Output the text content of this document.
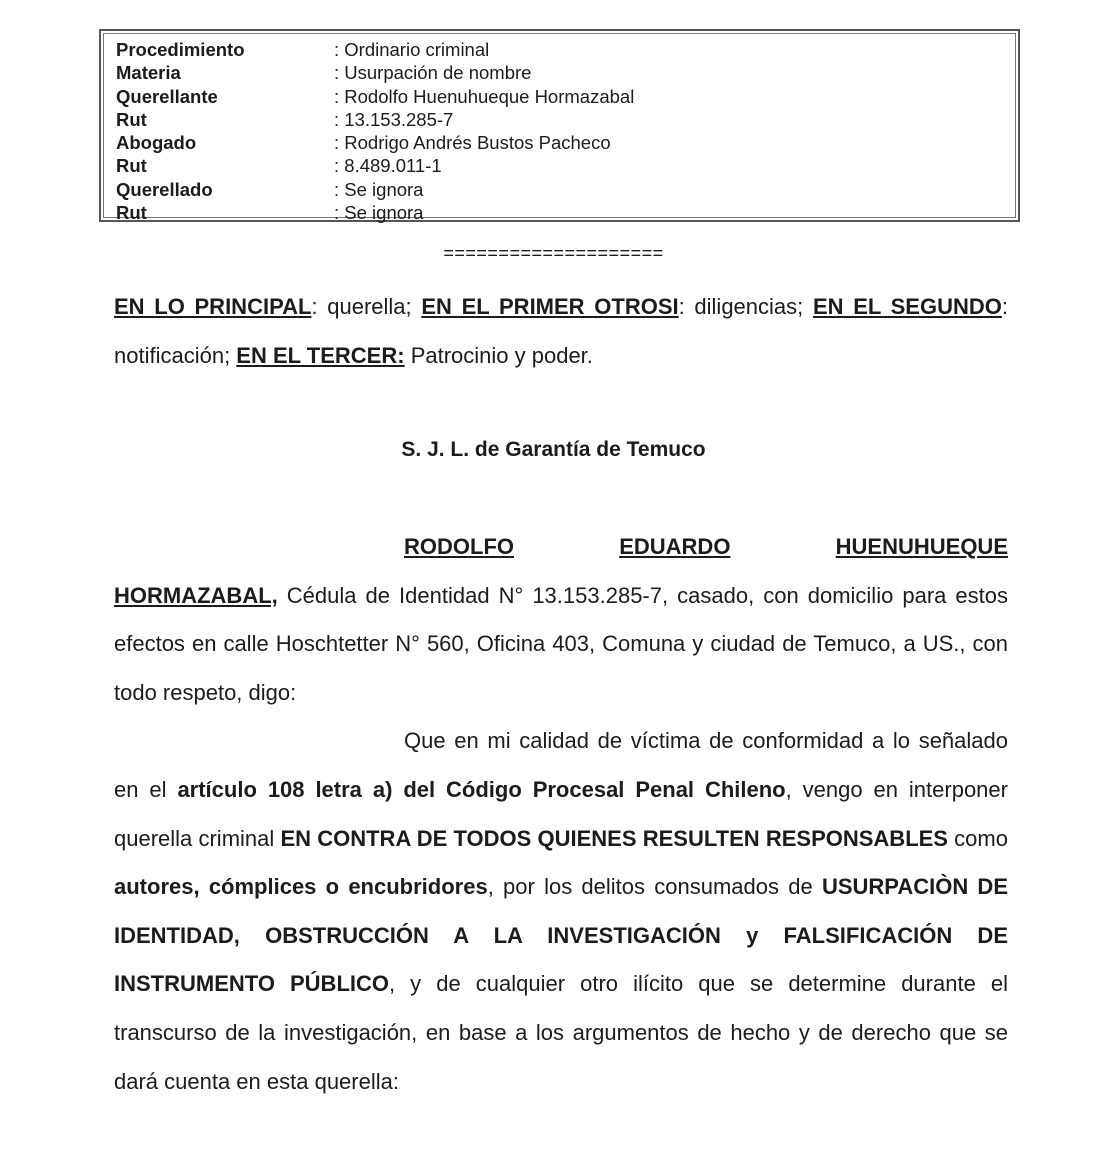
Procedimiento	: Ordinario criminal
Materia	: Usurpación de nombre
Querellante	: Rodolfo Huenuhueque Hormazabal
Rut	: 13.153.285-7
Abogado	: Rodrigo Andrés Bustos Pacheco
Rut	: 8.489.011-1
Querellado	: Se ignora
Rut	: Se ignora
====================

EN LO PRINCIPAL: querella; EN EL PRIMER OTROSI: diligencias; EN EL SEGUNDO: notificación; EN EL TERCER: Patrocinio y poder.

S. J. L. de Garantía de Temuco
RODOLFO	EDUARDO	HUENUHUEQUE

HORMAZABAL, Cédula de Identidad N° 13.153.285-7, casado, con domicilio para estos efectos en calle Hoschtetter N° 560, Oficina 403, Comuna y ciudad de Temuco, a US., con todo respeto, digo:

Que en mi calidad de víctima de conformidad a lo señalado en el artículo 108 letra a) del Código Procesal Penal Chileno, vengo en interponer querella criminal EN CONTRA DE TODOS QUIENES RESULTEN RESPONSABLES como autores, cómplices o encubridores, por los delitos consumados de USURPACIÒN DE IDENTIDAD, OBSTRUCCIÓN A LA INVESTIGACIÓN y FALSIFICACIÓN DE INSTRUMENTO PÚBLICO, y de cualquier otro ilícito que se determine durante el transcurso de la investigación, en base a los argumentos de hecho y de derecho que se dará cuenta en esta querella:
